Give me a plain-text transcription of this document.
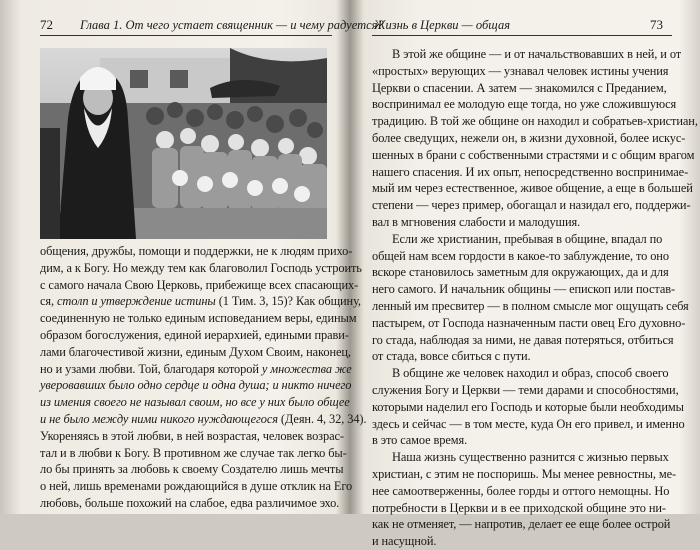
72 Глава 1. От чего устает священник — и чему радуется?
общения, дружбы, помощи и поддержки, не к людям прихо-
дим, а к Богу. Но между тем как благоволил Господь устроить
с самого начала Свою Церковь, прибежище всех спасающих-
ся, столп и утверждение истины (1 Тим. 3, 15)? Как общину,
соединенную не только единым исповеданием веры, единым
образом богослужения, единой иерархией, едиными прави-
лами благочестивой жизни, единым Духом Своим, наконец,
но и узами любви. Той, благодаря которой у множества же
уверовавших было одно сердце и одна душа; и никто ничего
из имения своего не называл своим, но все у них было общее
и не было между ними никого нуждающегося (Деян. 4, 32, 34).
Укореняясь в этой любви, в ней возрастая, человек возрас-
тал и в любви к Богу. В противном же случае так легко бы-
ло бы принять за любовь к своему Создателю лишь мечты
о ней, лишь временами рождающийся в душе отклик на Его
любовь, больше похожий на слабое, едва различимое эхо.
Жизнь в Церкви — общая	73
В этой же общине — и от начальствовавших в ней, и от
«простых» верующих — узнавал человек истины учения
Церкви о спасении. А затем — знакомился с Преданием,
воспринимал ее молодую еще тогда, но уже сложившуюся
традицию. В той же общине он находил и собратьев-христиан,
более сведущих, нежели он, в жизни духовной, более искус-
шенных в брани с собственными страстями и с общим врагом
нашего спасения. И их опыт, непосредственно воспринимае-
мый им через естественное, живое общение, а еще в большей
степени — через пример, обогащал и назидал его, поддержи-
вал в мгновения слабости и малодушия.
Если же христианин, пребывая в общине, впадал по
общей нам всем гордости в какое-то заблуждение, то оно
вскоре становилось заметным для окружающих, да и для
него самого. И начальник общины — епископ или постав-
ленный им пресвитер — в полном смысле мог ощущать себя
пастырем, от Господа назначенным пасти овец Его духовно-
го стада, наблюдая за ними, не давая потеряться, отбиться
от стада, вовсе сбиться с пути.
В общине же человек находил и образ, способ своего
служения Богу и Церкви — теми дарами и способностями,
которыми наделил его Господь и которые были необходимы
здесь и сейчас — в том месте, куда Он его привел, и именно
в это самое время.
Наша жизнь существенно разнится с жизнью первых
христиан, с этим не поспоришь. Мы менее ревностны, ме-
нее самоотверженны, более горды и оттого немощны. Но
потребности в Церкви и в ее приходской общине это ни-
как не отменяет, — напротив, делает ее еще более острой
и насущной.
